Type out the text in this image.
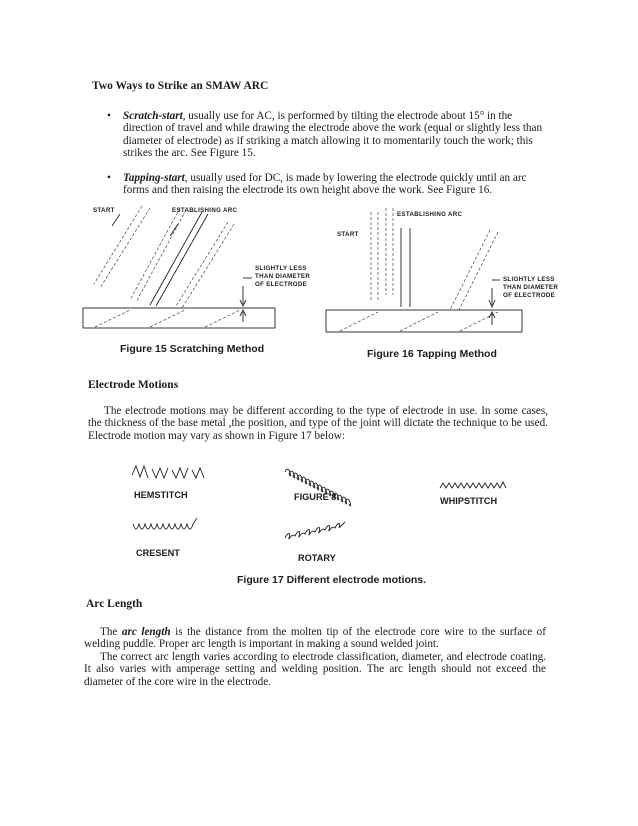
Two Ways to Strike an SMAW ARC
• Scratch-start, usually use for AC, is performed by tilting the electrode about 15° in the direction of travel and while drawing the electrode above the work (equal or slightly less than diameter of electrode) as if striking a match allowing it to momentarily touch the work; this strikes the arc. See Figure 15.
• Tapping-start, usually used for DC, is made by lowering the electrode quickly until an arc forms and then raising the electrode its own height above the work. See Figure 16.
START	ESTABLISHING ARC
SLIGHTLY LESS
THAN DIAMETER
OF ELECTRODE
Figure 15 Scratching Method
ESTABLISHING ARC
START
SLIGHTLY LESS
THAN DIAMETER
OF ELECTRODE
Figure 16 Tapping Method
Electrode Motions
The electrode motions may be different according to the type of electrode in use. In some cases, the thickness of the base metal ,the position, and type of the joint will dictate the technique to be used. Electrode motion may vary as shown in Figure 17 below:
HEMSTITCH	FIGURE 8	WHIPSTITCH
CRESENT	ROTARY
Figure 17 Different electrode motions.
Arc Length
The arc length is the distance from the molten tip of the electrode core wire to the surface of welding puddle. Proper arc length is important in making a sound welded joint.
The correct arc length varies according to electrode classification, diameter, and electrode coating. It also varies with amperage setting and welding position. The arc length should not exceed the diameter of the core wire in the electrode.
